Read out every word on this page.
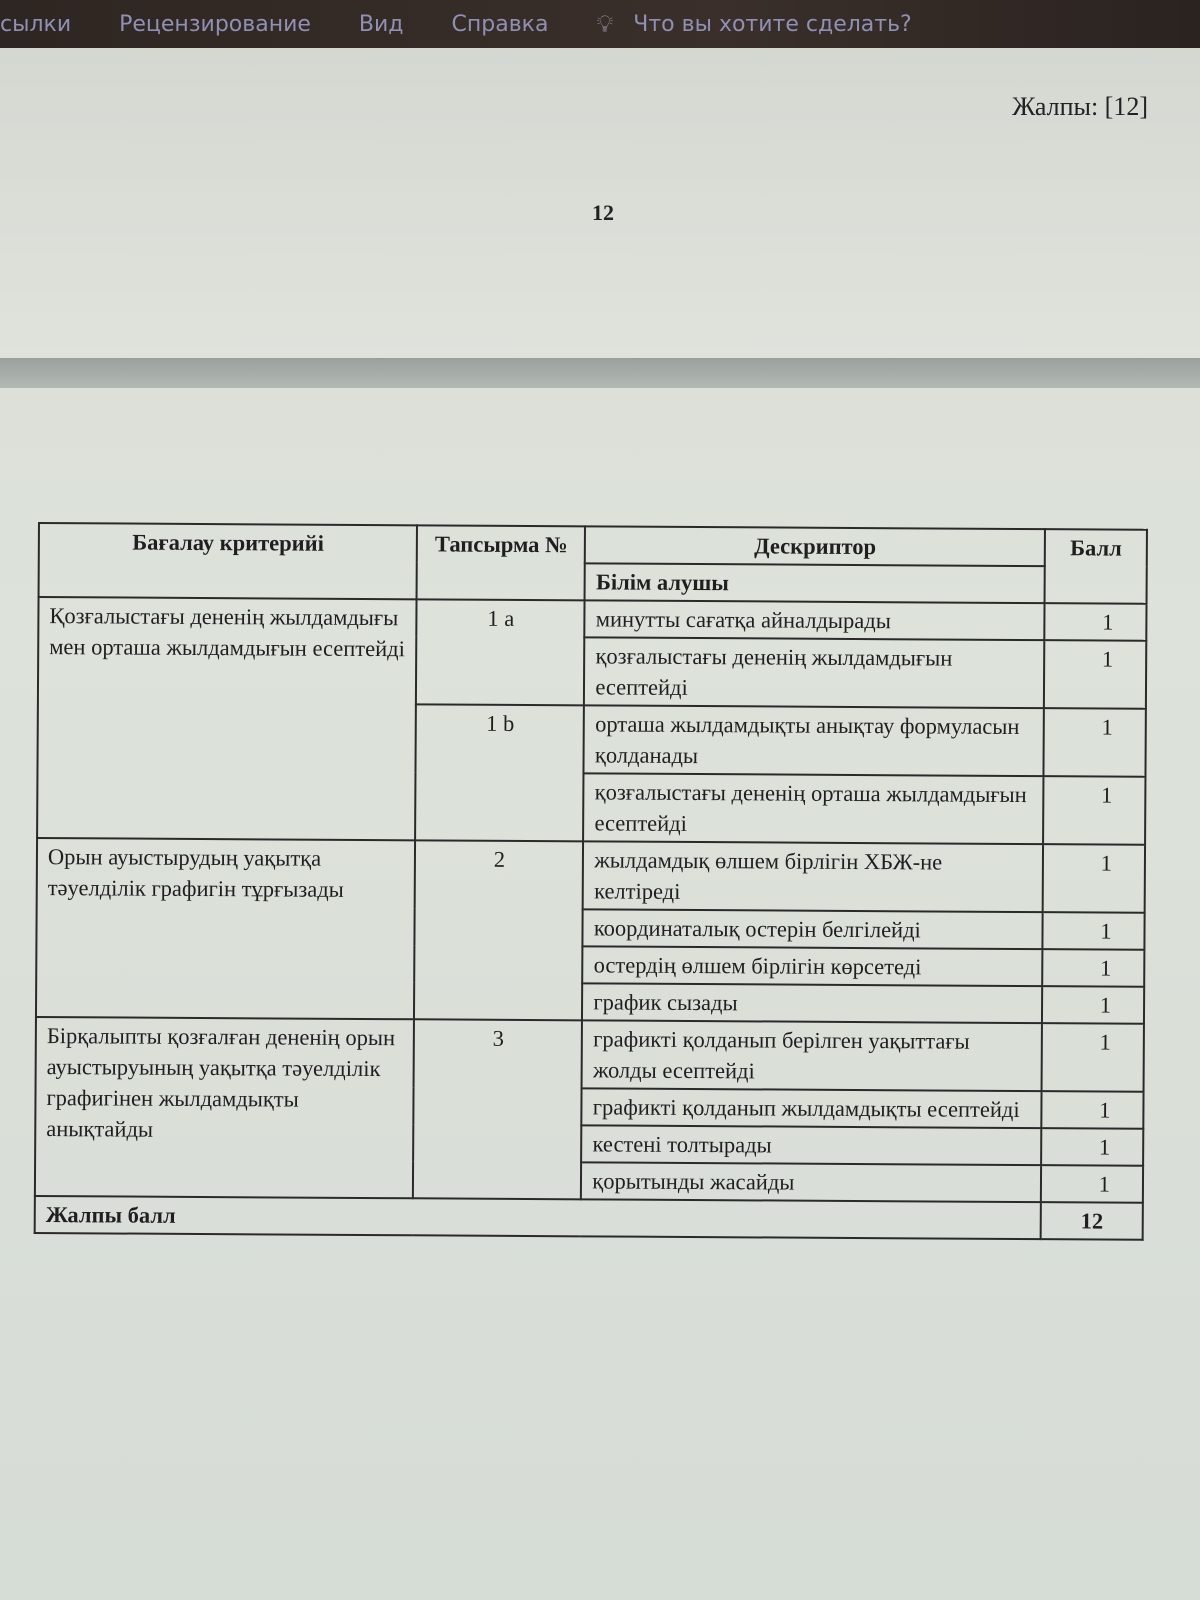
сылки Рецензирование Вид Справка 💡︎ Что вы хотите сделать?
Жалпы: [12]
12
Бағалау критерийі	Тапсырма №	Дескриптор	Балл
		Білім алушы	
Қозғалыстағы дененің жылдамдығы мен орташа жылдамдығын есептейді	1 a	минутты сағатқа айналдырады	1
		қозғалыстағы дененің жылдамдығын есептейді	1
	1 b	орташа жылдамдықты анықтау формуласын қолданады	1
		қозғалыстағы дененің орташа жылдамдығын есептейді	1
Орын ауыстырудың уақытқа тәуелділік графигін тұрғызады	2	жылдамдық өлшем бірлігін ХБЖ-не келтіреді	1
		координаталық остерін белгілейді	1
		остердің өлшем бірлігін көрсетеді	1
		график сызады	1
Бірқалыпты қозғалған дененің орын ауыстыруының уақытқа тәуелділік графигінен жылдамдықты анықтайды	3	графикті қолданып берілген уақыттағы жолды есептейді	1
		графикті қолданып жылдамдықты есептейді	1
		кестені толтырады	1
		қорытынды жасайды	1
Жалпы балл			12
